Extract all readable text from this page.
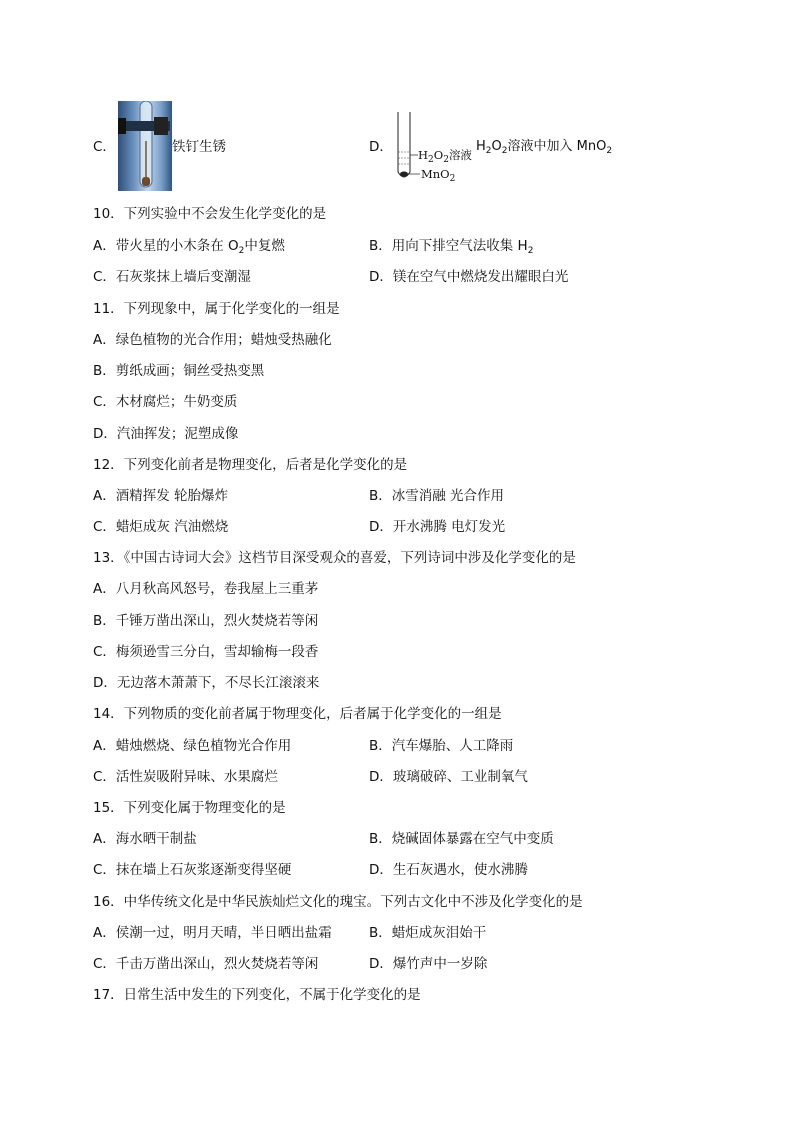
C．	铁钉生锈	D． $H_2O_2$溶液
MnO$_2$
$H_2O_2$溶液中加入 MnO$_2$
10．下列实验中不会发生化学变化的是
A．带火星的小木条在 $O_2$中复燃	B．用向下排空气法收集 $H_2$
C．石灰浆抹上墙后变潮湿	D．镁在空气中燃烧发出耀眼白光
11．下列现象中，属于化学变化的一组是
A．绿色植物的光合作用；蜡烛受热融化
B．剪纸成画；铜丝受热变黑
C．木材腐烂；牛奶变质
D．汽油挥发；泥塑成像
12．下列变化前者是物理变化，后者是化学变化的是
A．酒精挥发 轮胎爆炸	B．冰雪消融 光合作用
C．蜡炬成灰 汽油燃烧	D．开水沸腾 电灯发光
13．《中国古诗词大会》这档节目深受观众的喜爱，下列诗词中涉及化学变化的是
A．八月秋高风怒号，卷我屋上三重茅
B．千锤万凿出深山，烈火焚烧若等闲
C．梅须逊雪三分白，雪却输梅一段香
D．无边落木萧萧下，不尽长江滚滚来
14．下列物质的变化前者属于物理变化，后者属于化学变化的一组是
A．蜡烛燃烧、绿色植物光合作用	B．汽车爆胎、人工降雨
C．活性炭吸附异味、水果腐烂	D．玻璃破碎、工业制氧气
15．下列变化属于物理变化的是
A．海水晒干制盐	B．烧碱固体暴露在空气中变质
C．抹在墙上石灰浆逐渐变得坚硬	D．生石灰遇水，使水沸腾
16．中华传统文化是中华民族灿烂文化的瑰宝。下列古文化中不涉及化学变化的是
A．侯潮一过，明月天晴，半日晒出盐霜	B．蜡炬成灰泪始干
C．千击万凿出深山，烈火焚烧若等闲	D．爆竹声中一岁除
17．日常生活中发生的下列变化，不属于化学变化的是
